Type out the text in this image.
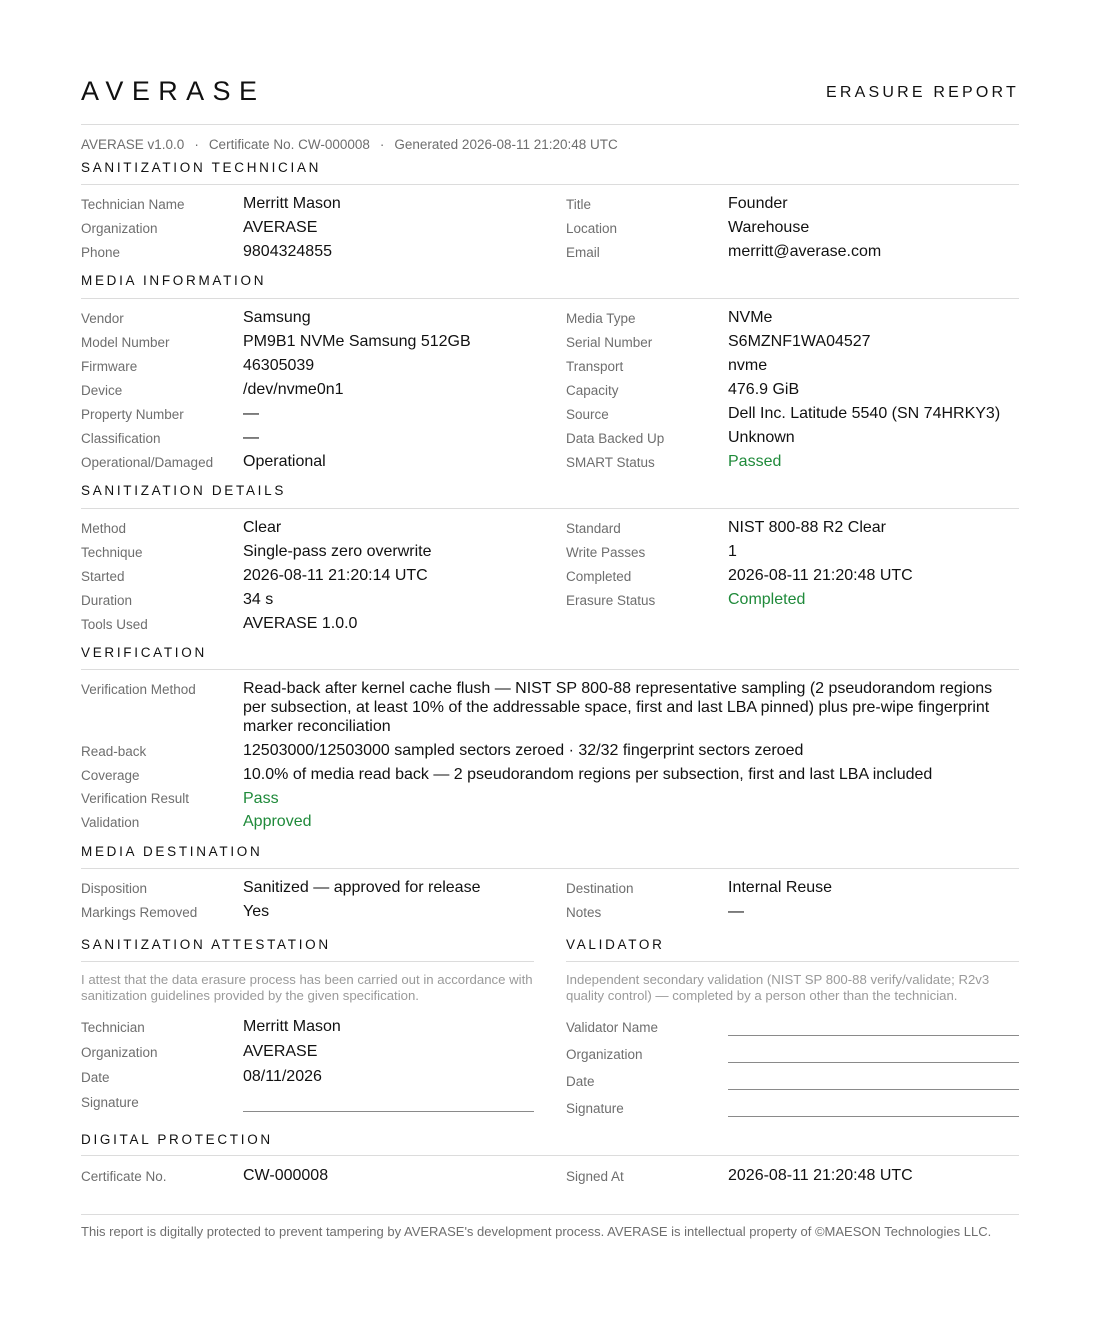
AVERASE	ERASURE REPORT
AVERASE v1.0.0 · Certificate No. CW-000008 · Generated 2026-08-11 21:20:48 UTC
SANITIZATION TECHNICIAN
Technician Name	Merritt Mason
Organization	AVERASE
Phone	9804324855
Title	Founder
Location	Warehouse
Email	merritt@averase.com
MEDIA INFORMATION
Vendor	Samsung
Model Number	PM9B1 NVMe Samsung 512GB
Firmware	46305039
Device	/dev/nvme0n1
Property Number	—
Classification	—
Operational/Damaged Operational
Media Type	NVMe
Serial Number	S6MZNF1WA04527
Transport	nvme
Capacity	476.9 GiB
Source	Dell Inc. Latitude 5540 (SN 74HRKY3)
Data Backed Up	Unknown
SMART Status	Passed
SANITIZATION DETAILS
Method	Clear
Technique	Single-pass zero overwrite
Started	2026-08-11 21:20:14 UTC
Duration	34 s
Tools Used	AVERASE 1.0.0
Standard	NIST 800-88 R2 Clear
Write Passes	1
Completed	2026-08-11 21:20:48 UTC
Erasure Status	Completed
VERIFICATION
Verification Method	Read-back after kernel cache flush — NIST SP 800-88 representative sampling (2 pseudorandom regions per subsection, at least 10% of the addressable space, first and last LBA pinned) plus pre-wipe fingerprint marker reconciliation
Read-back	12503000/12503000 sampled sectors zeroed · 32/32 fingerprint sectors zeroed
Coverage	10.0% of media read back — 2 pseudorandom regions per subsection, first and last LBA included
Verification Result	Pass
Validation	Approved
MEDIA DESTINATION
Disposition	Sanitized — approved for release
Markings Removed	Yes
Destination	Internal Reuse
Notes	—
SANITIZATION ATTESTATION
I attest that the data erasure process has been carried out in accordance with sanitization guidelines provided by the given specification.
Technician	Merritt Mason
Organization	AVERASE
Date	08/11/2026
Signature
VALIDATOR
Independent secondary validation (NIST SP 800-88 verify/validate; R2v3 quality control) — completed by a person other than the technician.
Validator Name
Organization
Date
Signature
DIGITAL PROTECTION
Certificate No.	CW-000008	Signed At	2026-08-11 21:20:48 UTC
This report is digitally protected to prevent tampering by AVERASE's development process. AVERASE is intellectual property of ©MAESON Technologies LLC.
